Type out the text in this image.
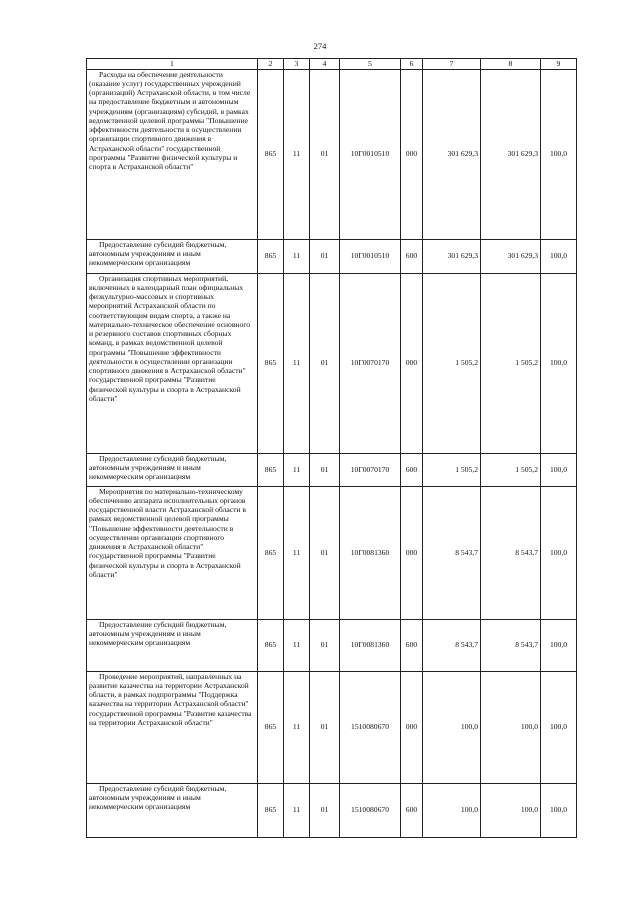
274
1	2	3	4	5	6	7	8	9
Расходы на обеспечение деятельности (оказание услуг) государственных учреждений (организаций) Астраханской области, в том числе на предоставление бюджетным и автономным учреждениям (организациям) субсидий, в рамках ведомственной целевой программы "Повышение эффективности деятельности в осуществлении организации спортивного движения в Астраханской области" государственной программы "Развитие физической культуры и спорта в Астраханской области"	865	11	01	10Г0010510	000	301 629,3	301 629,3	100,0
Предоставление субсидий бюджетным, автономным учреждениям и иным некоммерческим организациям	865	11	01	10Г0010510	600	301 629,3	301 629,3	100,0
Организация спортивных мероприятий, включенных в календарный план официальных физкультурно-массовых и спортивных мероприятий Астраханской области по соответствующим видам спорта, а также на материально-техническое обеспечение основного и резервного составов спортивных сборных команд, в рамках ведомственной целевой программы "Повышение эффективности деятельности в осуществлении организации спортивного движения в Астраханской области" государственной программы "Развитие физической культуры и спорта в Астраханской области"	865	11	01	10Г0070170	000	1 505,2	1 505,2	100,0
Предоставление субсидий бюджетным, автономным учреждениям и иным некоммерческим организациям	865	11	01	10Г0070170	600	1 505,2	1 505,2	100,0
Мероприятия по материально-техническому обеспечению аппарата исполнительных органов государственной власти Астраханской области в рамках ведомственной целевой программы "Повышение эффективности деятельности в осуществлении организации спортивного движения в Астраханской области" государственной программы "Развитие физической культуры и спорта в Астраханской области"	865	11	01	10Г0081360	000	8 543,7	8 543,7	100,0
Предоставление субсидий бюджетным, автономным учреждениям и иным некоммерческим организациям	865	11	01	10Г0081360	600	8 543,7	8 543,7	100,0
Проведение мероприятий, направленных на развитие казачества на территории Астраханской области, в рамках подпрограммы "Поддержка казачества на территории Астраханской области" государственной программы "Развитие казачества на территории Астраханской области"	865	11	01	1510080670	000	100,0	100,0	100,0
Предоставление субсидий бюджетным, автономным учреждениям и иным некоммерческим организациям	865	11	01	1510080670	600	100,0	100,0	100,0
